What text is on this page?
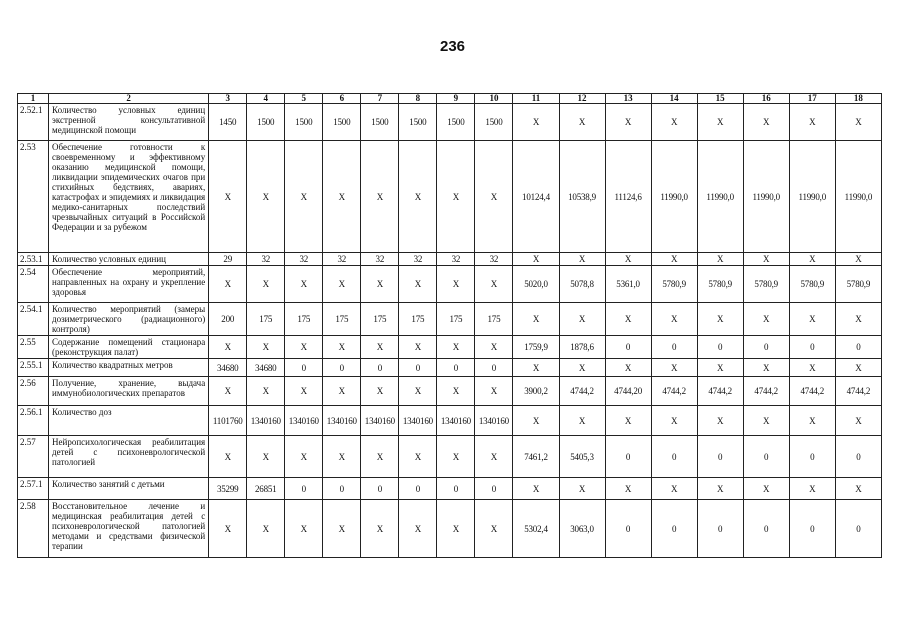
236
1	2	3	4	5	6	7	8	9	10	11	12	13	14	15	16	17	18
2.52.1	Количество условных единиц экстренной консультативной медицинской помощи	1450	1500	1500	1500	1500	1500	1500	1500	X	X	X	X	X	X	X	X
2.53	Обеспечение готовности к своевременному и эффективному оказанию медицинской помощи, ликвидации эпидемических очагов при стихийных бедствиях, авариях, катастрофах и эпидемиях и ликвидация медико-санитарных последствий чрезвычайных ситуаций в Российской Федерации и за рубежом	X	X	X	X	X	X	X	X	10124,4	10538,9	11124,6	11990,0	11990,0	11990,0	11990,0	11990,0
2.53.1	Количество условных единиц	29	32	32	32	32	32	32	32	X	X	X	X	X	X	X	X
2.54	Обеспечение мероприятий, направленных на охрану и укрепление здоровья	X	X	X	X	X	X	X	X	5020,0	5078,8	5361,0	5780,9	5780,9	5780,9	5780,9	5780,9
2.54.1	Количество мероприятий (замеры дозиметрического (радиационного) контроля)	200	175	175	175	175	175	175	175	X	X	X	X	X	X	X	X
2.55	Содержание помещений стационара (реконструкция палат)	X	X	X	X	X	X	X	X	1759,9	1878,6	0	0	0	0	0	0
2.55.1	Количество квадратных метров	34680	34680	0	0	0	0	0	0	X	X	X	X	X	X	X	X
2.56	Получение, хранение, выдача иммунобиологических препаратов	X	X	X	X	X	X	X	X	3900,2	4744,2	4744,20	4744,2	4744,2	4744,2	4744,2	4744,2
2.56.1	Количество доз	1101760	1340160	1340160	1340160	1340160	1340160	1340160	1340160	X	X	X	X	X	X	X	X
2.57	Нейропсихологическая реабилитация детей с психоневрологической патологией	X	X	X	X	X	X	X	X	7461,2	5405,3	0	0	0	0	0	0
2.57.1	Количество занятий с детьми	35299	26851	0	0	0	0	0	0	X	X	X	X	X	X	X	X
2.58	Восстановительное лечение и медицинская реабилитация детей с психоневрологической патологией методами и средствами физической терапии	X	X	X	X	X	X	X	X	5302,4	3063,0	0	0	0	0	0	0
